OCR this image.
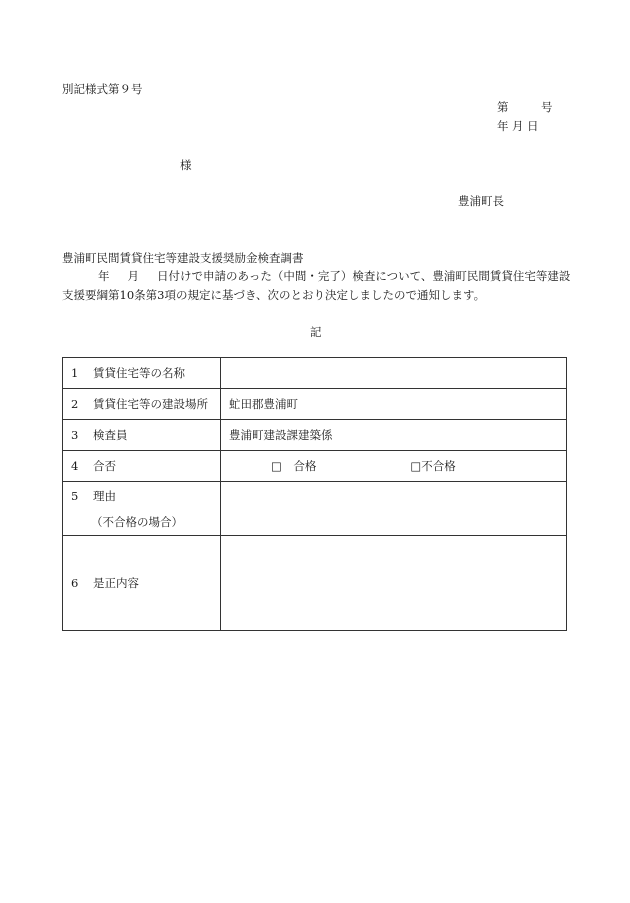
別記様式第９号
第	号
年 月 日
様
豊浦町長
豊浦町民間賃貸住宅等建設支援奨励金検査調書
年 月 日付けで申請のあった（中間・完了）検査について、豊浦町民間賃貸住宅等建設
支援要綱第10条第3項の規定に基づき、次のとおり決定しましたので通知します。
記
1 賃貸住宅等の名称	
2 賃貸住宅等の建設場所	虻田郡豊浦町
3 検査員	豊浦町建設課建築係
4 合否	□　合格 □不合格
5 理由
（不合格の場合）	

6 是正内容	
